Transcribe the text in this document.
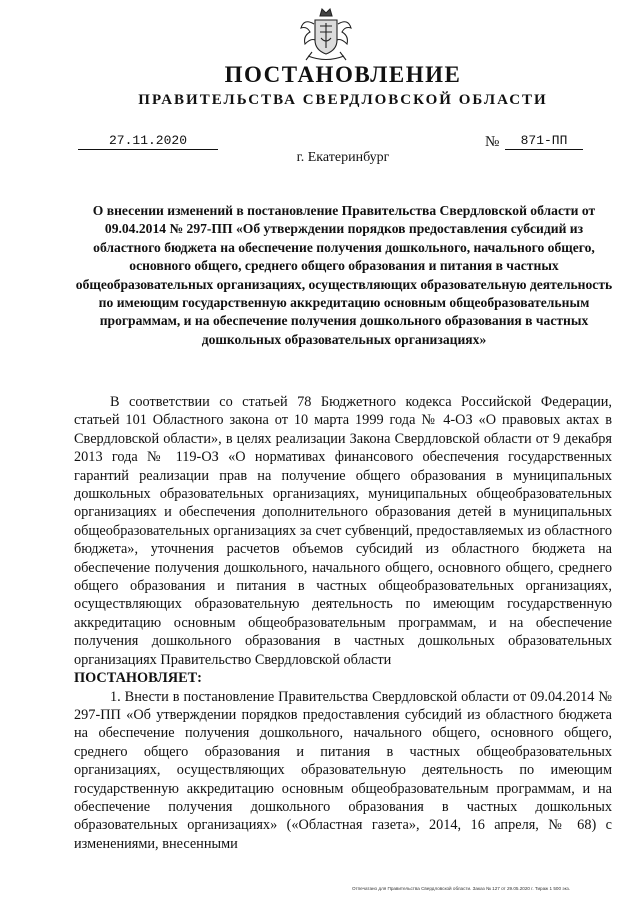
ПОСТАНОВЛЕНИЕ
ПРАВИТЕЛЬСТВА СВЕРДЛОВСКОЙ ОБЛАСТИ
27.11.2020	№	871-ПП
г. Екатеринбург
О внесении изменений в постановление Правительства Свердловской области от 09.04.2014 № 297-ПП «Об утверждении порядков предоставления субсидий из областного бюджета на обеспечение получения дошкольного, начального общего, основного общего, среднего общего образования и питания в частных общеобразовательных организациях, осуществляющих образовательную деятельность по имеющим государственную аккредитацию основным общеобразовательным программам, и на обеспечение получения дошкольного образования в частных дошкольных образовательных организациях»

В соответствии со статьей 78 Бюджетного кодекса Российской Федерации, статьей 101 Областного закона от 10 марта 1999 года № 4-ОЗ «О правовых актах в Свердловской области», в целях реализации Закона Свердловской области от 9 декабря 2013 года № 119-ОЗ «О нормативах финансового обеспечения государственных гарантий реализации прав на получение общего образования в муниципальных дошкольных образовательных организациях, муниципальных общеобразовательных организациях и обеспечения дополнительного образования детей в муниципальных общеобразовательных организациях за счет субвенций, предоставляемых из областного бюджета», уточнения расчетов объемов субсидий из областного бюджета на обеспечение получения дошкольного, начального общего, основного общего, среднего общего образования и питания в частных общеобразовательных организациях, осуществляющих образовательную деятельность по имеющим государственную аккредитацию основным общеобразовательным программам, и на обеспечение получения дошкольного образования в частных дошкольных образовательных организациях Правительство Свердловской области

ПОСТАНОВЛЯЕТ:

1. Внести в постановление Правительства Свердловской области от 09.04.2014 № 297-ПП «Об утверждении порядков предоставления субсидий из областного бюджета на обеспечение получения дошкольного, начального общего, основного общего, среднего общего образования и питания в частных общеобразовательных организациях, осуществляющих образовательную деятельность по имеющим государственную аккредитацию основным общеобразовательным программам, и на обеспечение получения дошкольного образования в частных дошкольных образовательных организациях» («Областная газета», 2014, 16 апреля, № 68) с изменениями, внесенными

Отпечатано для Правительства Свердловской области. Заказ № 127 от 29.05.2020 г. Тираж 1 500 экз.
